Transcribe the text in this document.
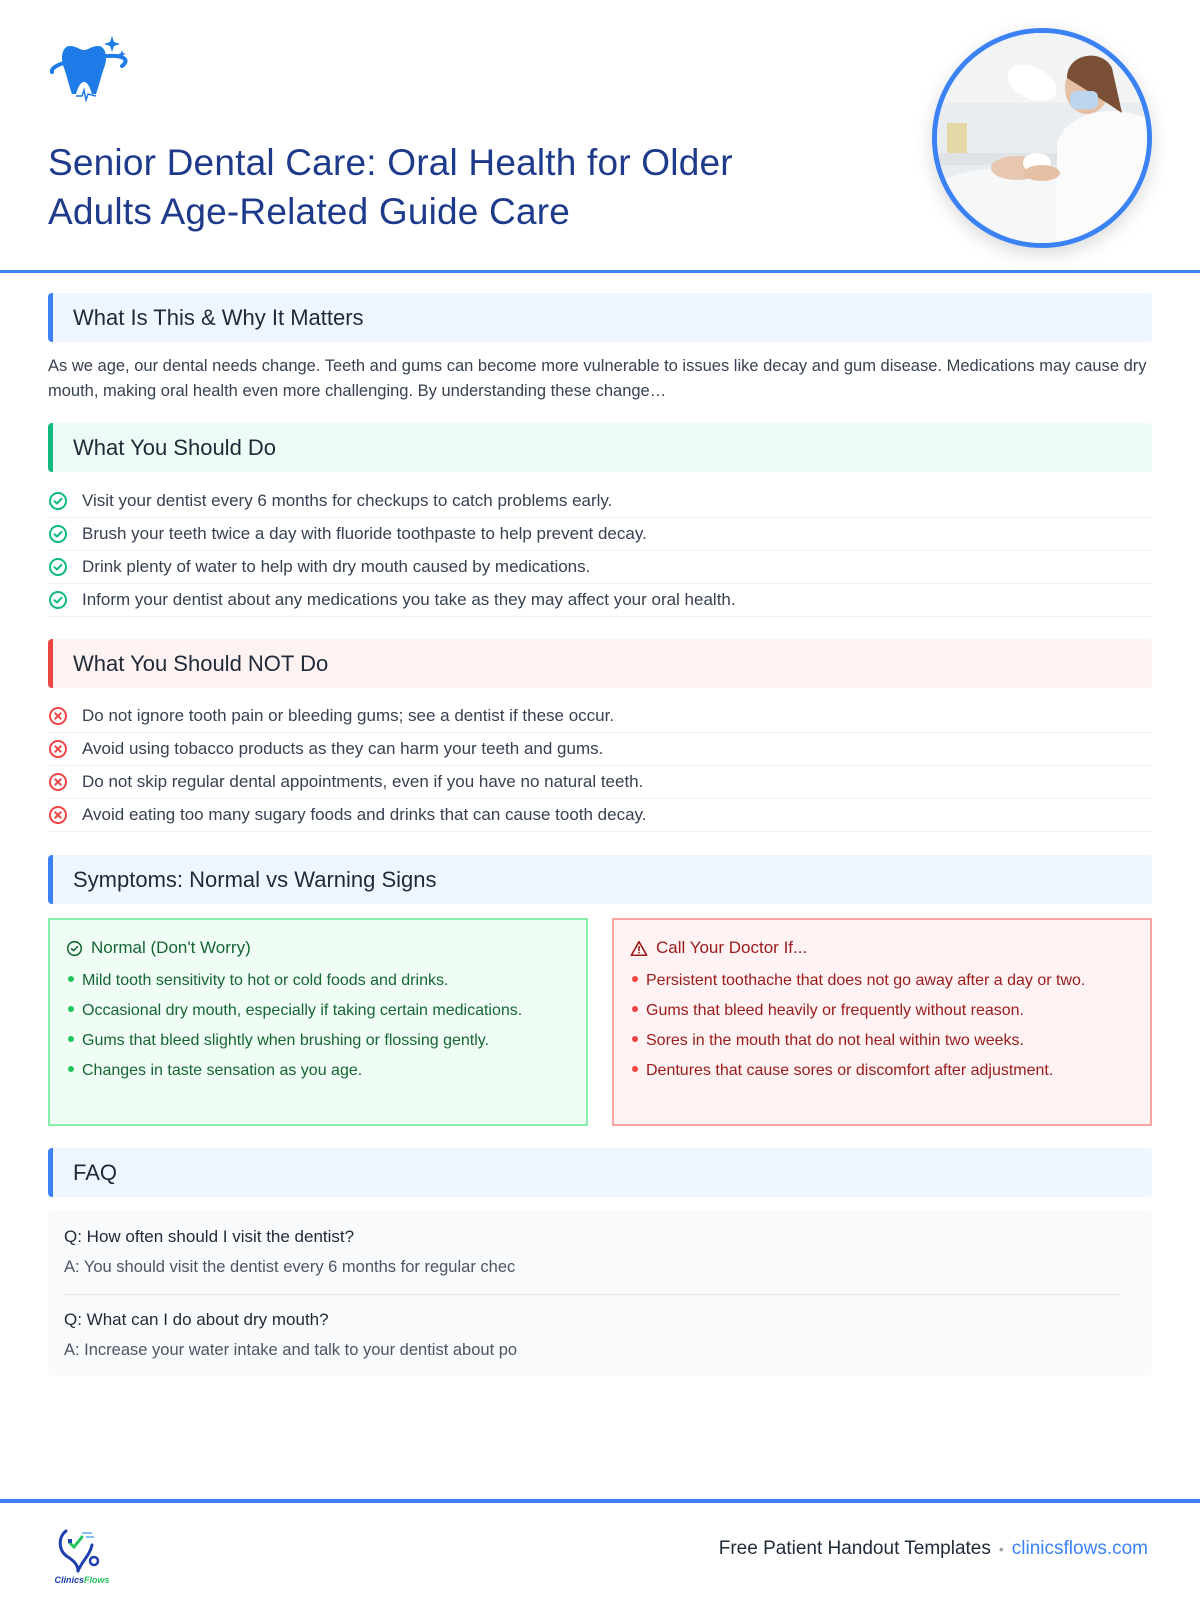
Senior Dental Care: Oral Health for Older
Adults Age-Related Guide Care
What Is This & Why It Matters

As we age, our dental needs change. Teeth and gums can become more vulnerable to issues like decay and gum disease. Medications may cause dry mouth, making oral health even more challenging. By understanding these change…

What You Should Do
Visit your dentist every 6 months for checkups to catch problems early.
Brush your teeth twice a day with fluoride toothpaste to help prevent decay.
Drink plenty of water to help with dry mouth caused by medications.
Inform your dentist about any medications you take as they may affect your oral health.
What You Should NOT Do
Do not ignore tooth pain or bleeding gums; see a dentist if these occur.
Avoid using tobacco products as they can harm your teeth and gums.
Do not skip regular dental appointments, even if you have no natural teeth.
Avoid eating too many sugary foods and drinks that can cause tooth decay.
Symptoms: Normal vs Warning Signs
Normal (Don't Worry)
Mild tooth sensitivity to hot or cold foods and drinks.
Occasional dry mouth, especially if taking certain medications.
Gums that bleed slightly when brushing or flossing gently.
Changes in taste sensation as you age.
Call Your Doctor If...
Persistent toothache that does not go away after a day or two.
Gums that bleed heavily or frequently without reason.
Sores in the mouth that do not heal within two weeks.
Dentures that cause sores or discomfort after adjustment.
FAQ
Q: How often should I visit the dentist?
A: You should visit the dentist every 6 months for regular chec
Q: What can I do about dry mouth?
A: Increase your water intake and talk to your dentist about po
ClinicsFlows
Free Patient Handout Templates • clinicsflows.com
